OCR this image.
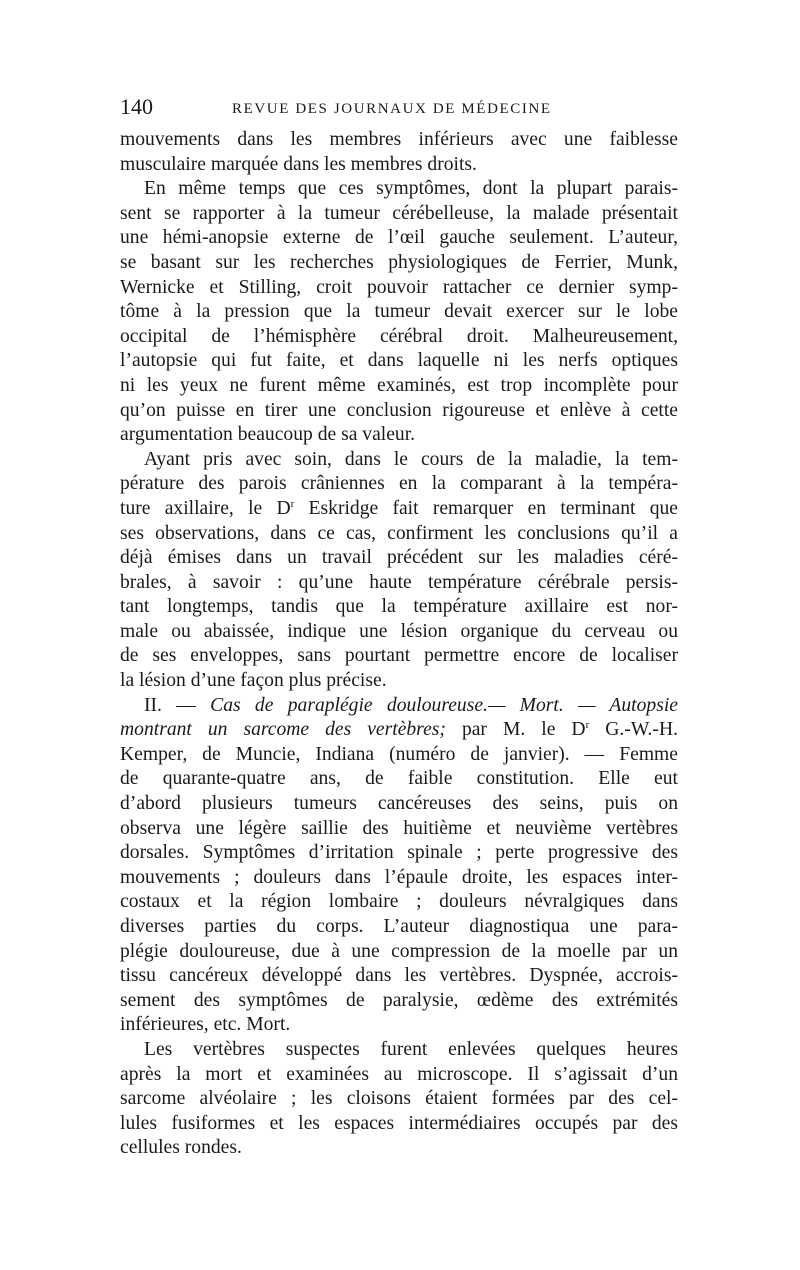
140	REVUE DES JOURNAUX DE MÉDECINE
mouvements dans les membres inférieurs avec une faiblesse
musculaire marquée dans les membres droits.
En même temps que ces symptômes, dont la plupart parais-
sent se rapporter à la tumeur cérébelleuse, la malade présentait
une hémi-anopsie externe de l’œil gauche seulement. L’auteur,
se basant sur les recherches physiologiques de Ferrier, Munk,
Wernicke et Stilling, croit pouvoir rattacher ce dernier symp-
tôme à la pression que la tumeur devait exercer sur le lobe
occipital de l’hémisphère cérébral droit. Malheureusement,
l’autopsie qui fut faite, et dans laquelle ni les nerfs optiques
ni les yeux ne furent même examinés, est trop incomplète pour
qu’on puisse en tirer une conclusion rigoureuse et enlève à cette
argumentation beaucoup de sa valeur.
Ayant pris avec soin, dans le cours de la maladie, la tem-
pérature des parois crâniennes en la comparant à la tempéra-
ture axillaire, le $D^r$ Eskridge fait remarquer en terminant que
ses observations, dans ce cas, confirment les conclusions qu’il a
déjà émises dans un travail précédent sur les maladies céré-
brales, à savoir : qu’une haute température cérébrale persis-
tant longtemps, tandis que la température axillaire est nor-
male ou abaissée, indique une lésion organique du cerveau ou
de ses enveloppes, sans pourtant permettre encore de localiser
la lésion d’une façon plus précise.
II. — Cas de paraplégie douloureuse.— Mort. — Autopsie
montrant un sarcome des vertèbres; par M. le $D^r$ G.-W.-H.
Kemper, de Muncie, Indiana (numéro de janvier). — Femme
de quarante-quatre ans, de faible constitution. Elle eut
d’abord plusieurs tumeurs cancéreuses des seins, puis on
observa une légère saillie des huitième et neuvième vertèbres
dorsales. Symptômes d’irritation spinale ; perte progressive des
mouvements ; douleurs dans l’épaule droite, les espaces inter-
costaux et la région lombaire ; douleurs névralgiques dans
diverses parties du corps. L’auteur diagnostiqua une para-
plégie douloureuse, due à une compression de la moelle par un
tissu cancéreux développé dans les vertèbres. Dyspnée, accrois-
sement des symptômes de paralysie, œdème des extrémités
inférieures, etc. Mort.
Les vertèbres suspectes furent enlevées quelques heures
après la mort et examinées au microscope. Il s’agissait d’un
sarcome alvéolaire ; les cloisons étaient formées par des cel-
lules fusiformes et les espaces intermédiaires occupés par des
cellules rondes.
